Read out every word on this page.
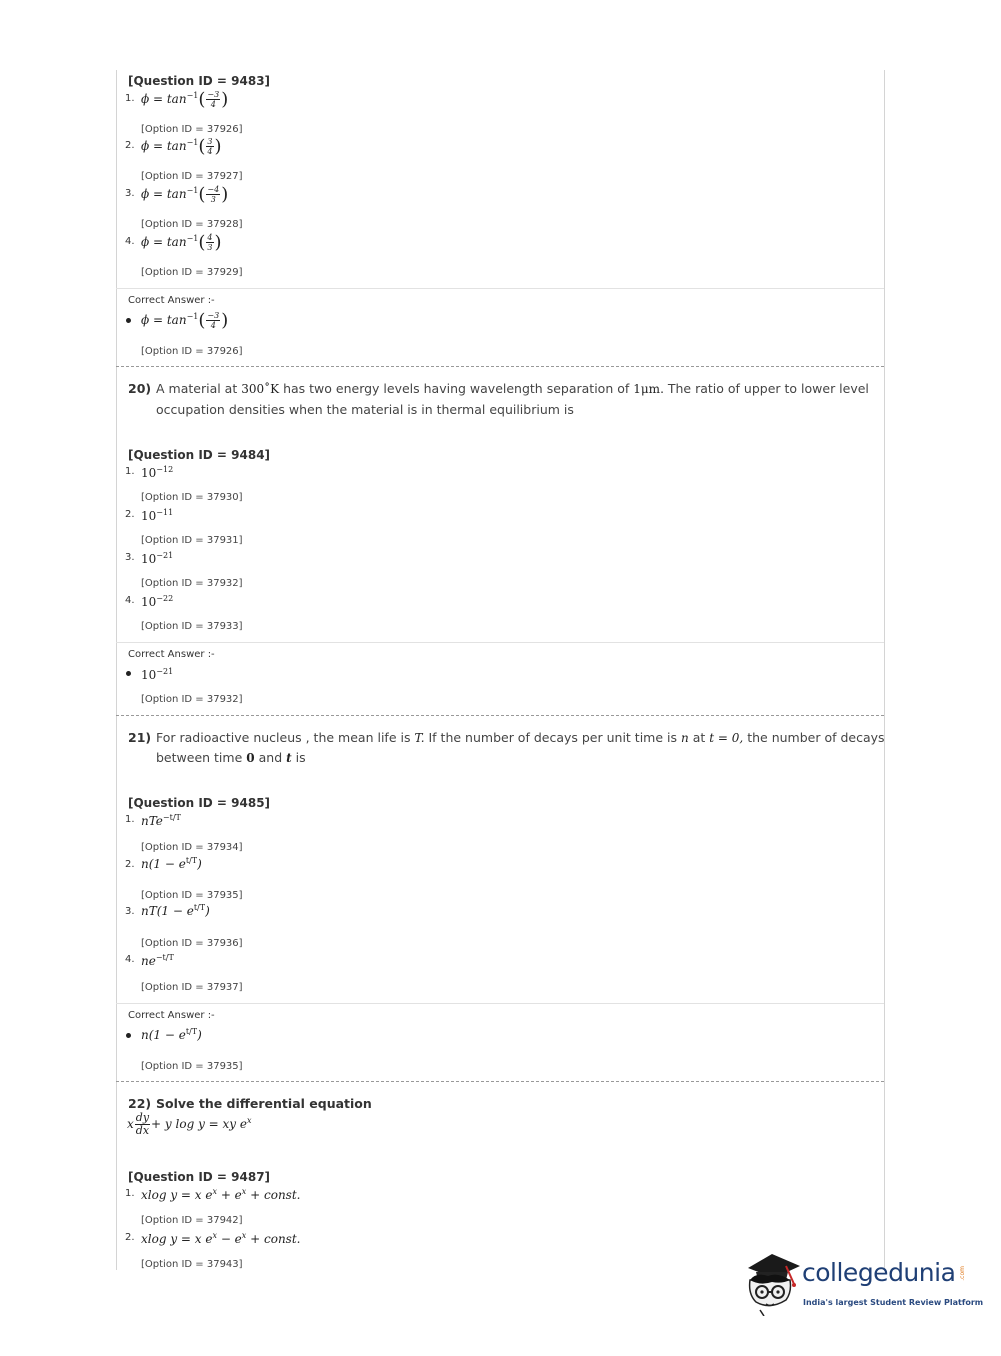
[Question ID = 9483]
1. $\phi = \tan^{-1}( \frac{-3}{4}$ )
[Option ID = 37926]
2. $\phi = \tan^{-1}( \frac{3}{4}$ )
[Option ID = 37927]
3. $\phi = \tan^{-1}( \frac{-4}{3}$ )
[Option ID = 37928]
4. $\phi = \tan^{-1}( \frac{4}{3}$ )
[Option ID = 37929]
Correct Answer :-
$\phi = \tan^{-1}( \frac{-3}{4}$ )
[Option ID = 37926]
20) A material at 300˚K has two energy levels having wavelength separation of 1μm. The ratio of upper to lower level
occupation densities when the material is in thermal equilibrium is
[Question ID = 9484]
1. $10^{-12}$
[Option ID = 37930]
2. $10^{-11}$
[Option ID = 37931]
3. $10^{-21}$
[Option ID = 37932]
4. $10^{-22}$
[Option ID = 37933]
Correct Answer :-
$10^{-21}$
[Option ID = 37932]
21) For radioactive nucleus , the mean life is T. If the number of decays per unit time is n at t = 0, the number of decays
between time 0 and t is
[Question ID = 9485]
1. nTe$^{-t/T}$
[Option ID = 37934]
2. $n(1 - e^{t/T})$
[Option ID = 37935]
3. $nT(1 - e^{t/T})$
[Option ID = 37936]
4. $ne^{-t/T}$
[Option ID = 37937]
Correct Answer :-
$n(1 - e^{t/T})$
[Option ID = 37935]
22) Solve the differential equation
x $\frac{dy}{dx} + y$ log y = xy $e^x$
[Question ID = 9487]
1. xlog y = x $e^x + e^x$ + const.
[Option ID = 37942]
2. xlog y = x $e^x - e^x$ + const.
[Option ID = 37943]	collegedunia .com
India's largest Student Review Platform
